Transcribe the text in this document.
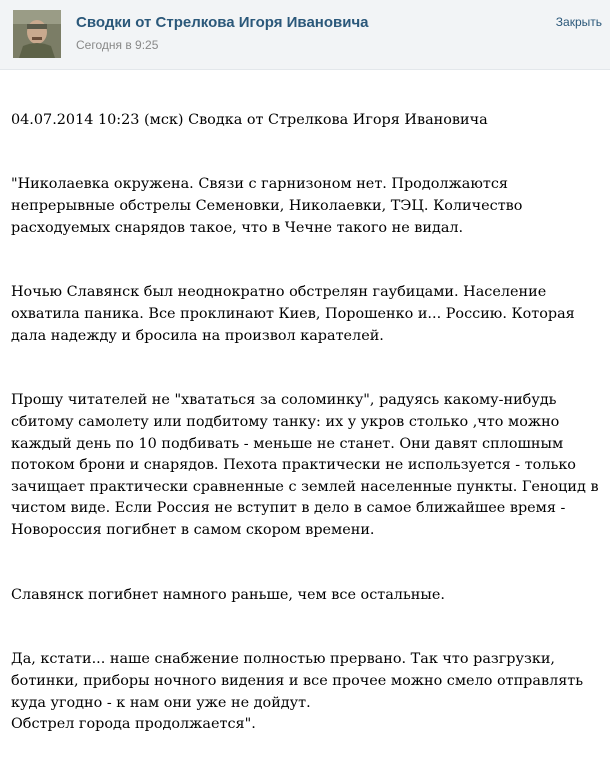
Сводки от Стрелкова Игоря Ивановича
Сегодня в 9:25
Закрыть

04.07.2014 10:23 (мск) Сводка от Стрелкова Игоря Ивановича

"Николаевка окружена. Связи с гарнизоном нет. Продолжаются непрерывные обстрелы Семеновки, Николаевки, ТЭЦ. Количество расходуемых снарядов такое, что в Чечне такого не видал.

Ночью Славянск был неоднократно обстрелян гаубицами. Население охватила паника. Все проклинают Киев, Порошенко и... Россию. Которая дала надежду и бросила на произвол карателей.

Прошу читателей не "хвататься за соломинку", радуясь какому-нибудь сбитому самолету или подбитому танку: их у укров столько ,что можно каждый день по 10 подбивать - меньше не станет. Они давят сплошным потоком брони и снарядов. Пехота практически не используется - только зачищает практически сравненные с землей населенные пункты. Геноцид в чистом виде. Если Россия не вступит в дело в самое ближайшее время - Новороссия погибнет в самом скором времени.

Славянск погибнет намного раньше, чем все остальные.

Да, кстати... наше снабжение полностью прервано. Так что разгрузки, ботинки, приборы ночного видения и все прочее можно смело отправлять куда угодно - к нам они уже не дойдут.
Обстрел города продолжается".
